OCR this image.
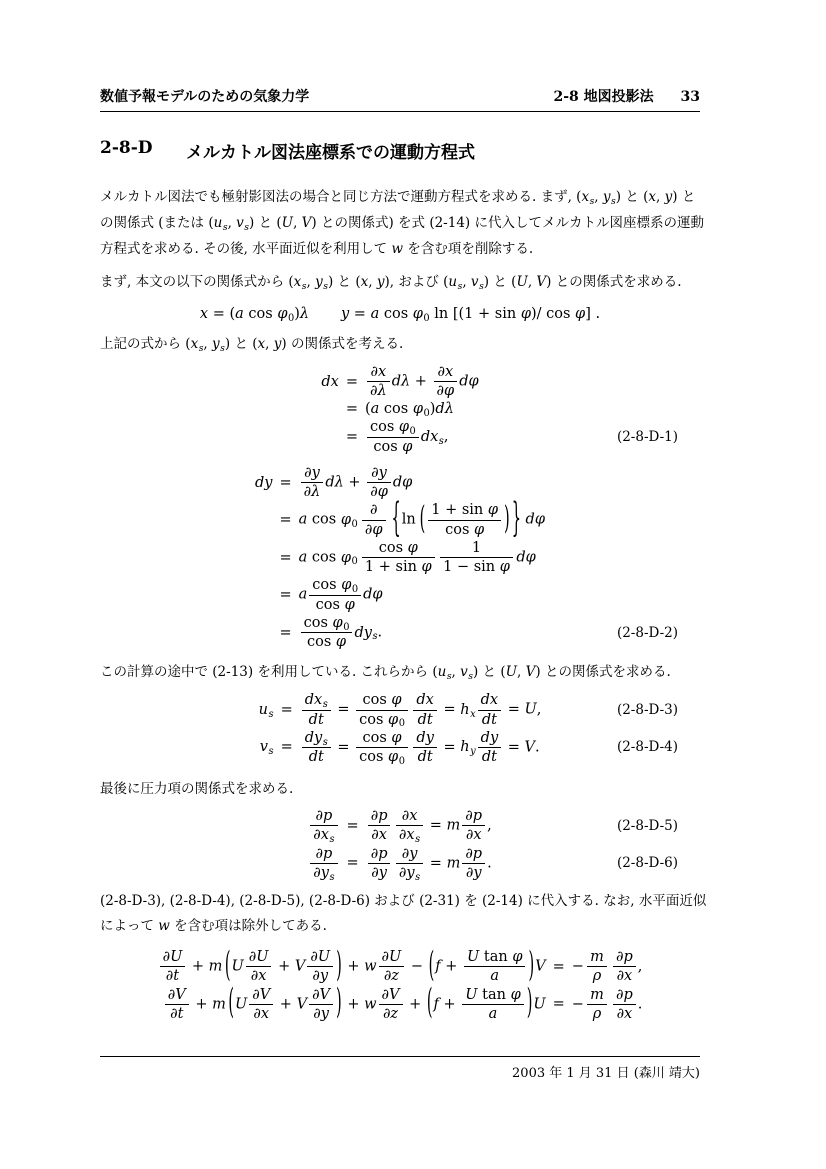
数値予報モデルのための気象力学	2-8 地図投影法 33
2-8-D	メルカトル図法座標系での運動方程式
メルカトル図法でも極射影図法の場合と同じ方法で運動方程式を求める. まず, (xs, ys) と (x, y) と
の関係式 (または (us, vs) と (U, V) との関係式) を式 (2-14) に代入してメルカトル図座標系の運動
方程式を求める. その後, 水平面近似を利用して w を含む項を削除する.
まず, 本文の以下の関係式から (xs, ys) と (x, y), および (us, vs) と (U, V) との関係式を求める.
x = (a cos φ0)λ y = a cos φ0 ln [(1 + sin φ)/ cos φ] .
上記の式から (xs, ys) と (x, y) の関係式を考える.
dx = $\frac{\partial x}{\partial\lambda}$ $d\lambda + \frac{\partial x}{\partial\varphi}$ dφ
= (a cos φ0)dλ
= $\frac{\text{cos φ0}}{\text{cos φ}}$ dxs,	(2-8-D-1)
dy = $\frac{\partial y}{\partial\lambda}$ $d\lambda + \frac{\partial y}{\partial\varphi}$ dφ
= a $\cos \varphi 0 \frac{\partial}{\partial\varphi} \{\ln$ ( $\frac{\text{1 + sin φ}}{\text{cos φ}}$ ) } dφ
= a $\cos \varphi 0 \frac{\text{cos φ}}{\text{1 + sin φ}} \frac{1}{\text{1 − sin φ}}$ dφ
= a $\frac{\text{cos φ0}}{\text{cos φ}}$ dφ
= $\frac{\text{cos φ0}}{\text{cos φ}}$ dys.	(2-8-D-2)
この計算の途中で (2-13) を利用している. これらから (us, vs) と (U, V) との関係式を求める.
us = $\frac{\text{dxs}}{dt} = \frac{\text{cos φ}}{\text{cos φ0}} \frac{dx}{dt}$ = hx $\frac{dx}{dt} = U$,	(2-8-D-3)
vs = $\frac{\text{dys}}{dt} = \frac{\text{cos φ}}{\text{cos φ0}} \frac{dy}{dt}$ = hy $\frac{dy}{dt} = V$.	(2-8-D-4)
最後に圧力項の関係式を求める.
$\frac{\partial p}{\partial xs} = \frac{\partial p}{\partial x} \frac{\partial x}{\partial xs} = m \frac{\partial p}{\partial x}$ ,	(2-8-D-5)
$\frac{\partial p}{\partial ys} = \frac{\partial p}{\partial y} \frac{\partial y}{\partial ys} = m \frac{\partial p}{\partial y}$ .	(2-8-D-6)
(2-8-D-3), (2-8-D-4), (2-8-D-5), (2-8-D-6) および (2-31) を (2-14) に代入する. なお, 水平面近似
によって w を含む項は除外してある.
$\frac{\partial U}{\partial t} + m$ ($U \frac{\partial U}{\partial x} + V \frac{\partial U}{\partial y}$ ) + w $\frac{\partial U}{\partial z} - (f + \frac{\text{U tan φ}}{a} )V$ = − $\frac{m}{\rho} \frac{\partial p}{\partial x}$ ,
$\frac{\partial V}{\partial t} + m$ ($U \frac{\partial V}{\partial x} + V \frac{\partial V}{\partial y}$ ) + w $\frac{\partial V}{\partial z} + (f + \frac{\text{U tan φ}}{a} )U$ = − $\frac{m}{\rho} \frac{\partial p}{\partial x}$ .
2003 年 1 月 31 日 (森川 靖大)
